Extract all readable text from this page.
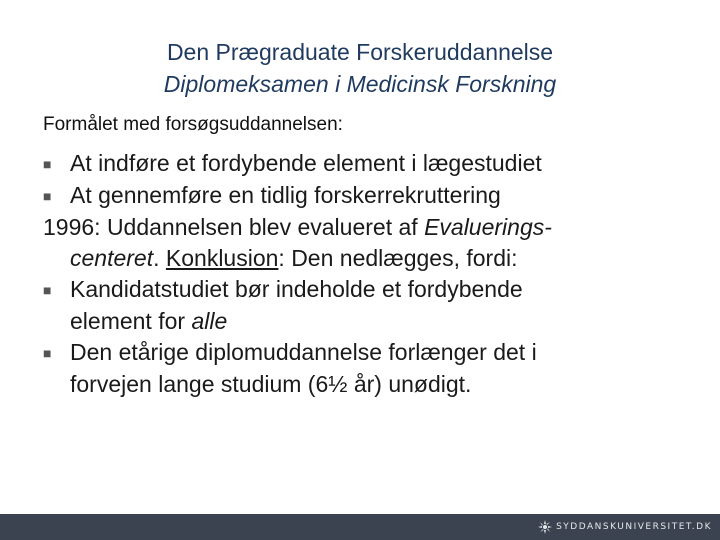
Den Prægraduate Forskeruddannelse
Diplomeksamen i Medicinsk Forskning
Formålet med forsøgsuddannelsen:
■ At indføre et fordybende element i lægestudiet
■ At gennemføre en tidlig forskerrekruttering
1996: Uddannelsen blev evalueret af Evaluerings-
centeret. Konklusion: Den nedlægges, fordi:
■ Kandidatstudiet bør indeholde et fordybende
element for alle
■ Den etårige diplomuddannelse forlænger det i
forvejen lange studium (6½ år) unødigt.
SYDDANSKUNIVERSITET.DK
